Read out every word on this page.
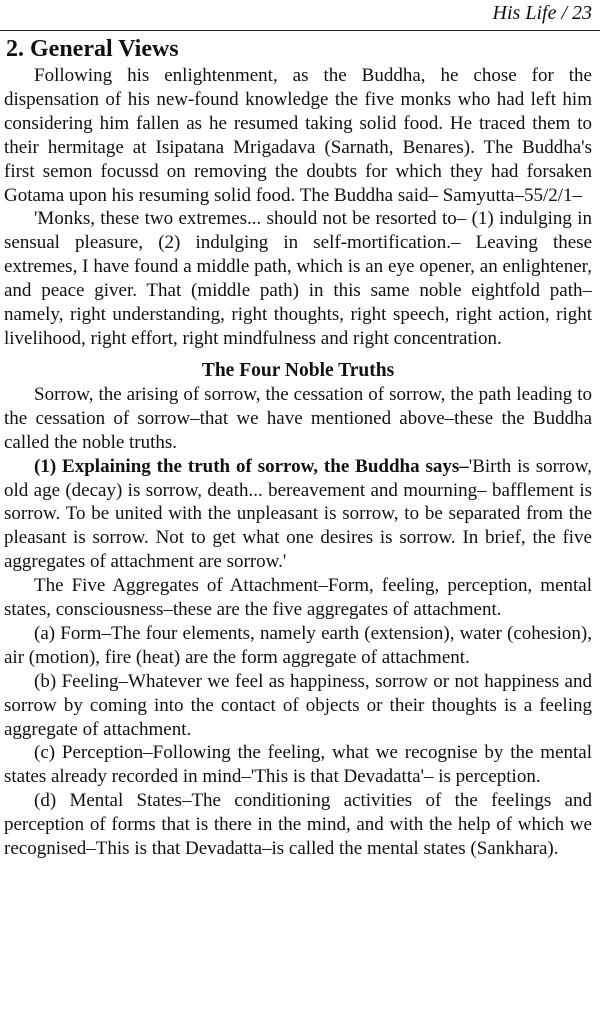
His Life / 23
2. General Views

Following his enlightenment, as the Buddha, he chose for the dispensation of his new-found knowledge the five monks who had left him considering him fallen as he resumed taking solid food. He traced them to their hermitage at Isipatana Mrigadava (Sarnath, Benares). The Buddha's first semon focussd on removing the doubts for which they had forsaken Gotama upon his resuming solid food. The Buddha said– Samyutta–55/2/1–

'Monks, these two extremes... should not be resorted to– (1) indulging in sensual pleasure, (2) indulging in self-mortification.– Leaving these extremes, I have found a middle path, which is an eye opener, an enlightener, and peace giver. That (middle path) in this same noble eightfold path–namely, right understanding, right thoughts, right speech, right action, right livelihood, right effort, right mindfulness and right concentration.

The Four Noble Truths

Sorrow, the arising of sorrow, the cessation of sorrow, the path leading to the cessation of sorrow–that we have mentioned above–these the Buddha called the noble truths.

(1) Explaining the truth of sorrow, the Buddha says–'Birth is sorrow, old age (decay) is sorrow, death... bereavement and mourning– bafflement is sorrow. To be united with the unpleasant is sorrow, to be separated from the pleasant is sorrow. Not to get what one desires is sorrow. In brief, the five aggregates of attachment are sorrow.'

The Five Aggregates of Attachment–Form, feeling, perception, mental states, consciousness–these are the five aggregates of attachment.

(a) Form–The four elements, namely earth (extension), water (cohesion), air (motion), fire (heat) are the form aggregate of attachment.

(b) Feeling–Whatever we feel as happiness, sorrow or not happiness and sorrow by coming into the contact of objects or their thoughts is a feeling aggregate of attachment.

(c) Perception–Following the feeling, what we recognise by the mental states already recorded in mind–'This is that Devadatta'– is perception.

(d) Mental States–The conditioning activities of the feelings and perception of forms that is there in the mind, and with the help of which we recognised–This is that Devadatta–is called the mental states (Sankhara).
